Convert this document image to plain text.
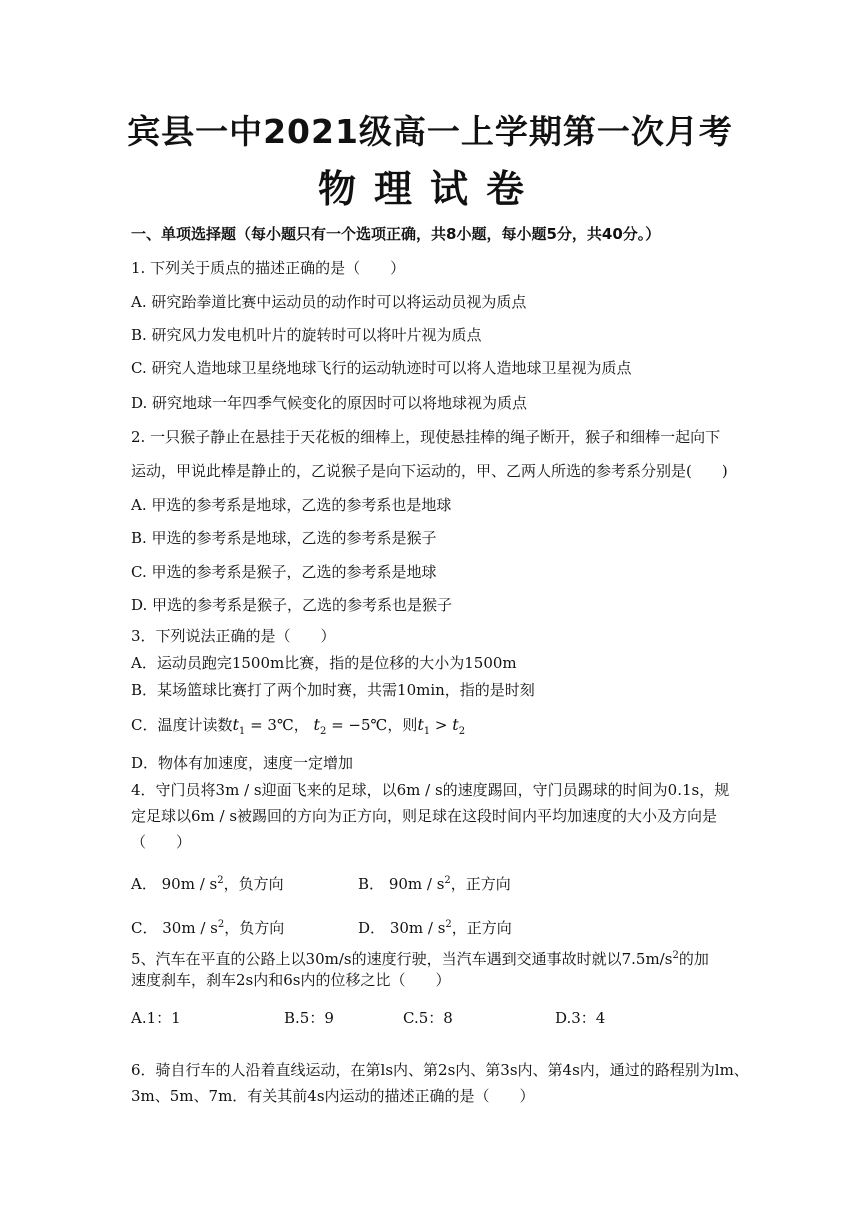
宾县一中2021级高一上学期第一次月考
物理试卷
一、单项选择题（每小题只有一个选项正确，共8小题，每小题5分，共40分。）
1. 下列关于质点的描述正确的是（　　）
A. 研究跆拳道比赛中运动员的动作时可以将运动员视为质点
B. 研究风力发电机叶片的旋转时可以将叶片视为质点
C. 研究人造地球卫星绕地球飞行的运动轨迹时可以将人造地球卫星视为质点
D. 研究地球一年四季气候变化的原因时可以将地球视为质点
2. 一只猴子静止在悬挂于天花板的细棒上，现使悬挂棒的绳子断开，猴子和细棒一起向下
运动，甲说此棒是静止的，乙说猴子是向下运动的，甲、乙两人所选的参考系分别是(　　)
A. 甲选的参考系是地球，乙选的参考系也是地球
B. 甲选的参考系是地球，乙选的参考系是猴子
C. 甲选的参考系是猴子，乙选的参考系是地球
D. 甲选的参考系是猴子，乙选的参考系也是猴子
3．下列说法正确的是（　　）
A．运动员跑完1500m比赛，指的是位移的大小为1500m
B．某场篮球比赛打了两个加时赛，共需10min，指的是时刻
C．温度计读数$t_1$ = 3℃， $t_2$ = −5℃，则$t_1 > t_2$
D．物体有加速度，速度一定增加
4．守门员将3m / s迎面飞来的足球，以6m / s的速度踢回，守门员踢球的时间为0.1s，规
定足球以6m / s被踢回的方向为正方向，则足球在这段时间内平均加速度的大小及方向是
（　　）
A． $90m / s^2$，负方向	B． $90m / s^2$，正方向
C． $30m / s^2$，负方向	D． $30m / s^2$，正方向
5、汽车在平直的公路上以30m/s的速度行驶，当汽车遇到交通事故时就以$7.5m/s^2$的加
速度刹车，刹车2s内和6s内的位移之比（　　）
A.1：1	B.5：9	C.5：8	D.3：4
6．骑自行车的人沿着直线运动，在第ls内、第2s内、第3s内、第4s内，通过的路程别为lm、
3m、5m、7m．有关其前4s内运动的描述正确的是（　　）
